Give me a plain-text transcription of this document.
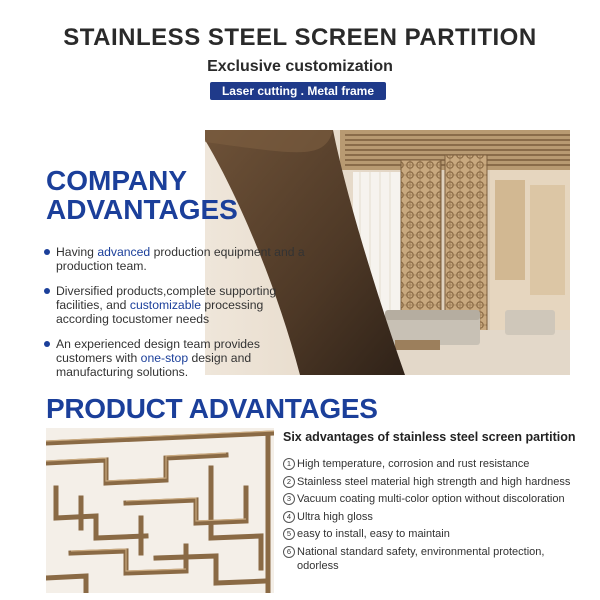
STAINLESS STEEL SCREEN PARTITION
Exclusive customization
Laser cutting . Metal frame
COMPANY
ADVANTAGES
Having advanced production equipment and a production team.
Diversified products,complete supporting facilities, and customizable processing according tocustomer needs
An experienced design team provides customers with one-stop design and manufacturing solutions.
PRODUCT ADVANTAGES
Six advantages of stainless steel screen partition
1 High temperature, corrosion and rust resistance
2 Stainless steel material high strength and high hardness
3 Vacuum coating multi-color option without discoloration
4 Ultra high gloss
5 easy to install, easy to maintain
6 National standard safety, environmental protection, odorless
